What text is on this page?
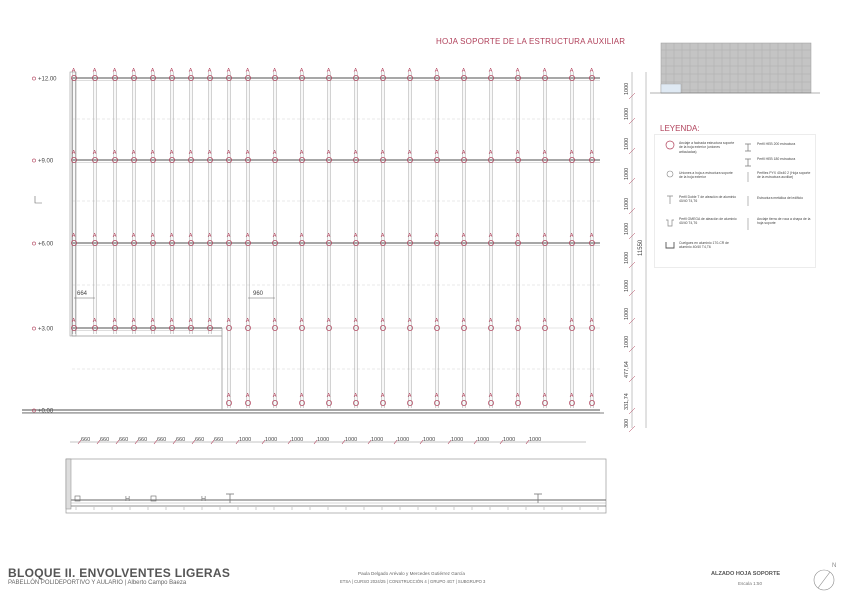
A
A
A
A
A
A
A
A
A
A
A
A
A
A
A
A
A
A
A
A
A
A
A
A
A
A
A
A
A
A
A
A
A
A
A
A
A
A
A
A
A
A
A
A
A
A
A
A
A
A
A
A
A
A
A
A
A
A
A
A
A
A
A
A
A
A
A
A
A
A
A
A
A
A
A
A
A
A
A
A
A
A
A
A
A
A
A
A
A
A
A
A
A
A
A
A
A
A
A
A
A
A
A
A
A
A
A
+12.00
+9.00
+6.00
+3.00
+0.00
664	960
660 660 660 660 660 660 660 660	1000	1000	1000	1000	1000	1000	1000	1000	1000	1000	1000	1000
1000
1000
1000
1000
1000
1000
1000
1000
1000
1000
477,64
331,74
300
11550
H	H
HOJA SOPORTE DE LA ESTRUCTURA AUXILIAR
LEYENDA:
Anclaje a fachada estructura soporte de la hoja exterior (uniones articuladas)
Uniones a hoja a estructura soporte de la hoja exterior
Perfil Doble T de aleación de aluminio 40/40 T4,T6
Perfil OMEGA de aleación de aluminio 40/40 T4,T6
Cuelgues en aluminio 170-CR de aluminio 40/40 T4,T6
Perfil HEB 200 estructura
Perfil HEB 180 estructura
Perfiles PYX 40x40 2 (Hoja soporte de la estructura auxiliar)
Estructura metálica del edificio
Anclaje tierra de roca a chapa de la hoja soporte
BLOQUE II. ENVOLVENTES LIGERAS
PABELLÓN POLIDEPORTIVO Y AULARIO | Alberto Campo Baeza
Paula Delgado Arévalo y Mercedes Gutiérrez García
ETSA | CURSO 2024/25 | CONSTRUCCIÓN 4 | GRUPO 4G7 | SUBGRUPO 3
ALZADO HOJA SOPORTE
Escala 1:50
N
